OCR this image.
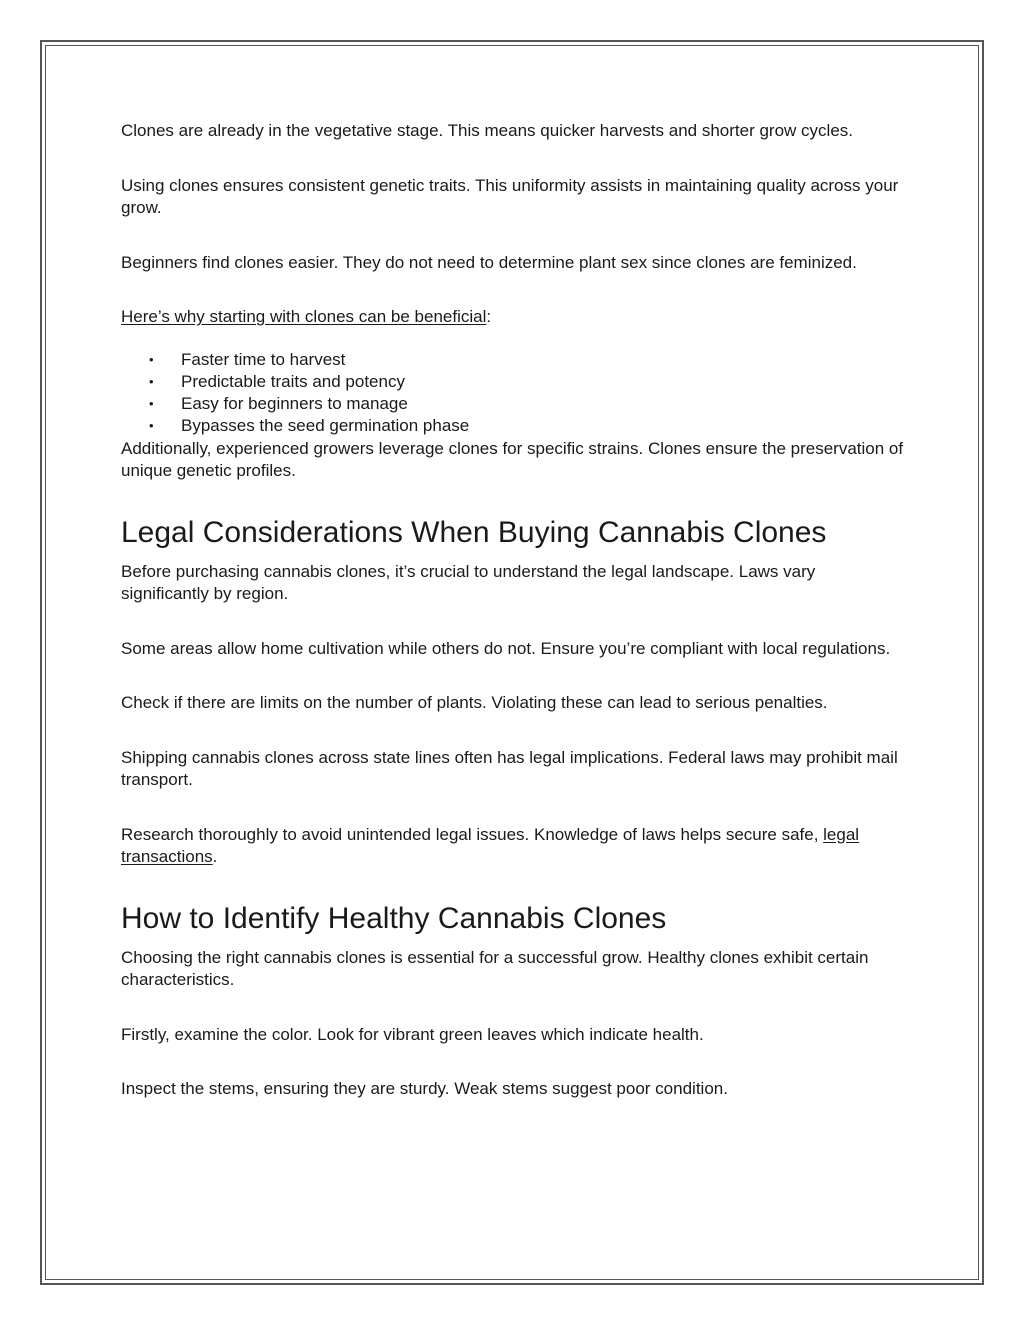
Clones are already in the vegetative stage. This means quicker harvests and shorter grow cycles.

Using clones ensures consistent genetic traits. This uniformity assists in maintaining quality across your grow.

Beginners find clones easier. They do not need to determine plant sex since clones are feminized.

Here’s why starting with clones can be beneficial:

• Faster time to harvest
• Predictable traits and potency
• Easy for beginners to manage
• Bypasses the seed germination phase

Additionally, experienced growers leverage clones for specific strains. Clones ensure the preservation of unique genetic profiles.

Legal Considerations When Buying Cannabis Clones

Before purchasing cannabis clones, it’s crucial to understand the legal landscape. Laws vary significantly by region.

Some areas allow home cultivation while others do not. Ensure you’re compliant with local regulations.

Check if there are limits on the number of plants. Violating these can lead to serious penalties.

Shipping cannabis clones across state lines often has legal implications. Federal laws may prohibit mail transport.

Research thoroughly to avoid unintended legal issues. Knowledge of laws helps secure safe, legal transactions.

How to Identify Healthy Cannabis Clones

Choosing the right cannabis clones is essential for a successful grow. Healthy clones exhibit certain characteristics.

Firstly, examine the color. Look for vibrant green leaves which indicate health.

Inspect the stems, ensuring they are sturdy. Weak stems suggest poor condition.
